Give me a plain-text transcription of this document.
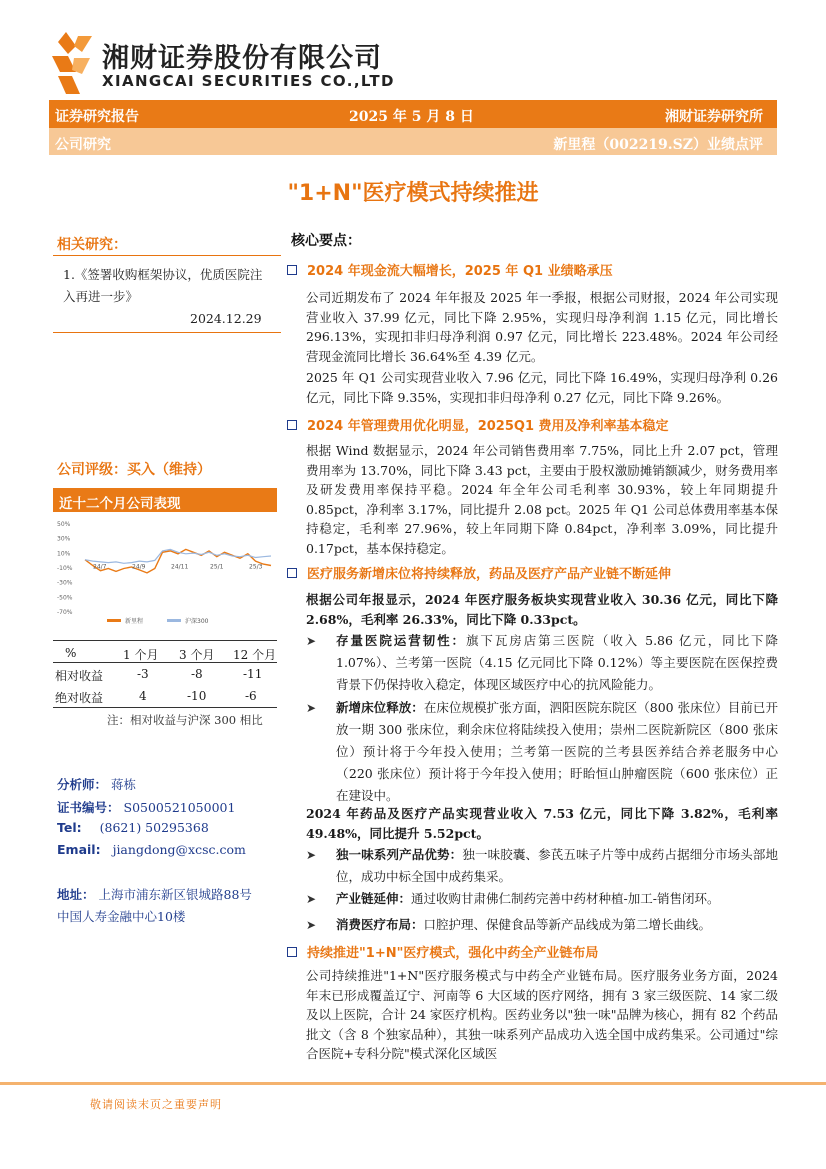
湘财证券股份有限公司
XIANGCAI SECURITIES CO.,LTD
证券研究报告	2025 年 5 月 8 日	湘财证券研究所
公司研究	新里程（002219.SZ）业绩点评
"1+N"医疗模式持续推进
相关研究：
1.《签署收购框架协议，优质医院注入再进一步》
2024.12.29
公司评级：买入（维持）
近十二个月公司表现
50%
30%
10%
-10%
-30%
-50%
-70%
24/7	24/9	24/11	25/1	25/3
新里程	沪深300
%	1 个月 3 个月 12 个月
相对收益	-3	-8	-11
绝对收益	4	-10	-6
注：相对收益与沪深 300 相比
分析师： 蒋栋
证书编号： S0500521050001
Tel: (8621) 50295368
Email: jiangdong@xcsc.com
地址： 上海市浦东新区银城路88号
中国人寿金融中心10楼
核心要点：
2024 年现金流大幅增长，2025 年 Q1 业绩略承压
公司近期发布了 2024 年年报及 2025 年一季报，根据公司财报，2024 年公司实现营业收入 37.99 亿元，同比下降 2.95%，实现归母净利润 1.15 亿元，同比增长 296.13%，实现扣非归母净利润 0.97 亿元，同比增长 223.48%。2024 年公司经营现金流同比增长 36.64%至 4.39 亿元。
2025 年 Q1 公司实现营业收入 7.96 亿元，同比下降 16.49%，实现归母净利 0.26 亿元，同比下降 9.35%，实现扣非归母净利 0.27 亿元，同比下降 9.26%。
2024 年管理费用优化明显，2025Q1 费用及净利率基本稳定
根据 Wind 数据显示，2024 年公司销售费用率 7.75%，同比上升 2.07 pct，管理费用率为 13.70%，同比下降 3.43 pct，主要由于股权激励摊销额减少，财务费用率及研发费用率保持平稳。2024 年全年公司毛利率 30.93%，较上年同期提升 0.85pct，净利率 3.17%，同比提升 2.08 pct。2025 年 Q1 公司总体费用率基本保持稳定，毛利率 27.96%，较上年同期下降 0.84pct，净利率 3.09%，同比提升 0.17pct，基本保持稳定。
医疗服务新增床位将持续释放，药品及医疗产品产业链不断延伸
根据公司年报显示，2024 年医疗服务板块实现营业收入 30.36 亿元，同比下降 2.68%，毛利率 26.33%，同比下降 0.33pct。
➤ 存量医院运营韧性：旗下瓦房店第三医院（收入 5.86 亿元，同比下降 1.07%）、兰考第一医院（4.15 亿元同比下降 0.12%）等主要医院在医保控费背景下仍保持收入稳定，体现区域医疗中心的抗风险能力。
➤ 新增床位释放：在床位规模扩张方面，泗阳医院东院区（800 张床位）目前已开放一期 300 张床位，剩余床位将陆续投入使用；崇州二医院新院区（800 张床位）预计将于今年投入使用；兰考第一医院的兰考县医养结合养老服务中心（220 张床位）预计将于今年投入使用；盱眙恒山肿瘤医院（600 张床位）正在建设中。
2024 年药品及医疗产品实现营业收入 7.53 亿元，同比下降 3.82%，毛利率 49.48%，同比提升 5.52pct。
➤ 独一味系列产品优势：独一味胶囊、参芪五味子片等中成药占据细分市场头部地位，成功中标全国中成药集采。
➤ 产业链延伸：通过收购甘肃佛仁制药完善中药材种植-加工-销售闭环。
➤ 消费医疗布局：口腔护理、保健食品等新产品线成为第二增长曲线。
持续推进"1+N"医疗模式，强化中药全产业链布局
公司持续推进"1+N"医疗服务模式与中药全产业链布局。医疗服务业务方面，2024 年末已形成覆盖辽宁、河南等 6 大区域的医疗网络，拥有 3 家三级医院、14 家二级及以上医院，合计 24 家医疗机构。医药业务以"独一味"品牌为核心，拥有 82 个药品批文（含 8 个独家品种），其独一味系列产品成功入选全国中成药集采。公司通过"综合医院+专科分院"模式深化区域医
敬请阅读末页之重要声明
